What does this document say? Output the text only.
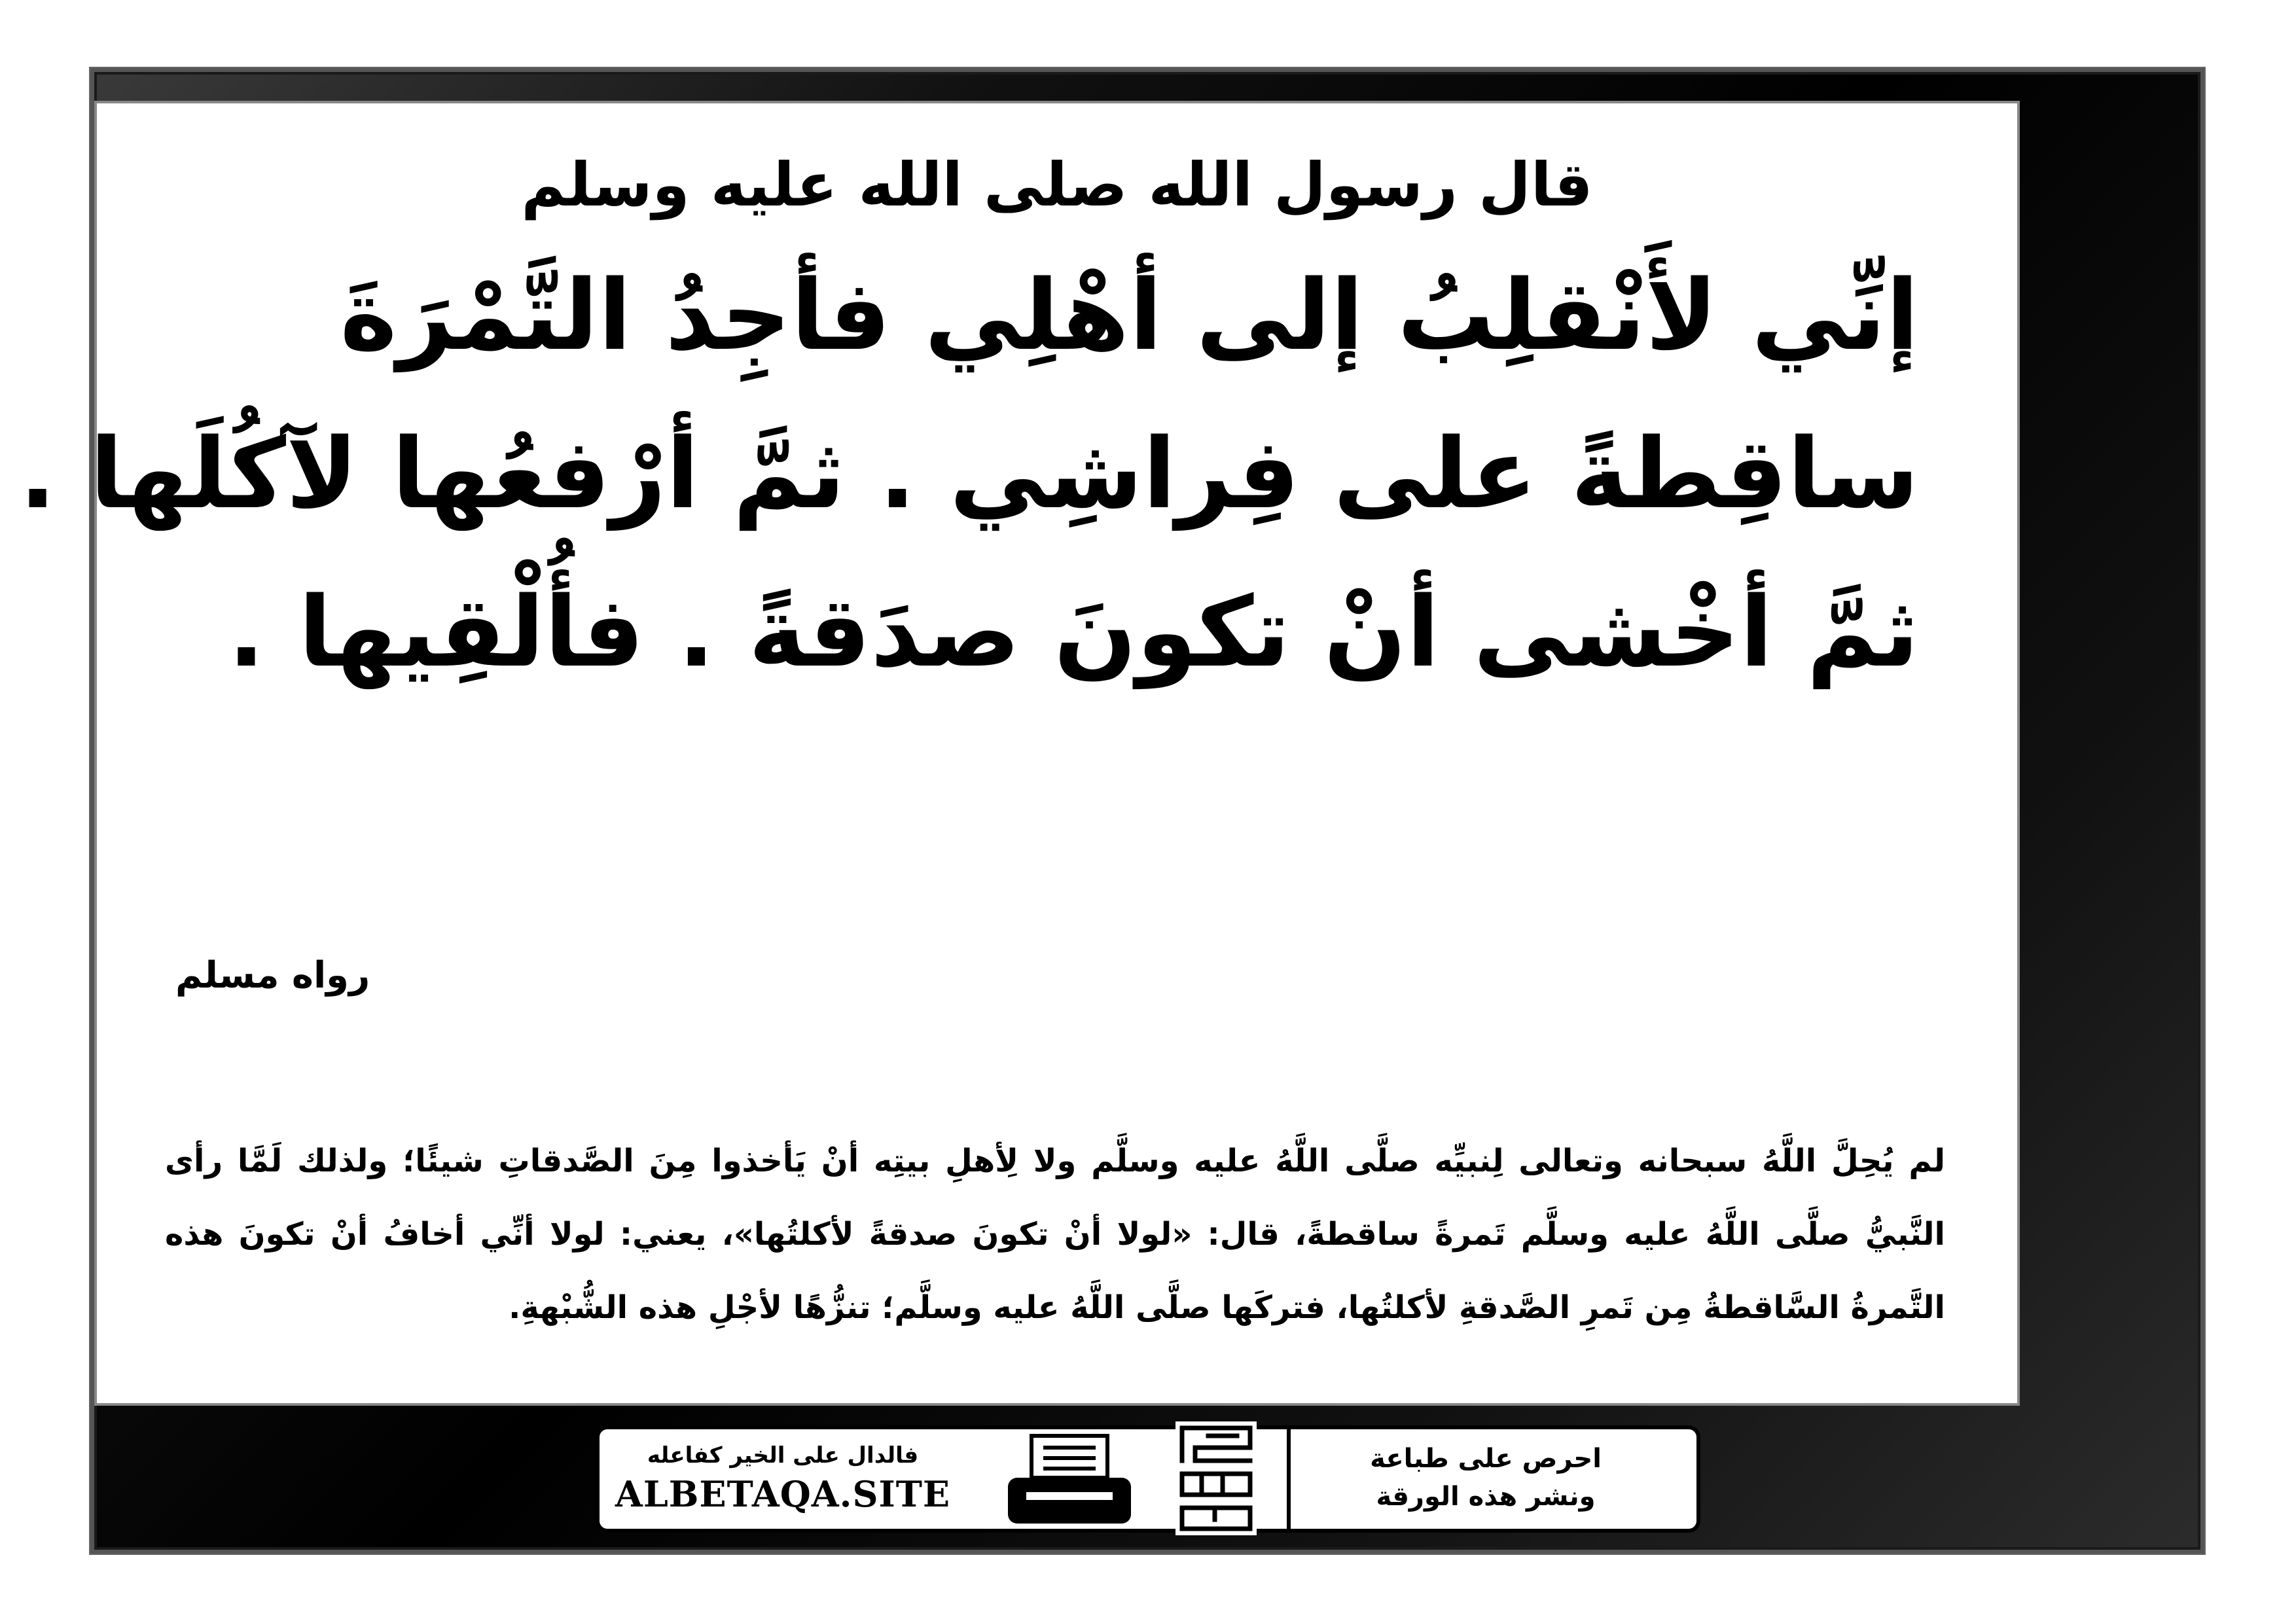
قال رسول الله صلى الله عليه وسلم
إنِّي لأَنْقلِبُ إلى أهْلِي فأجِدُ التَّمْرَةَ
ساقِطةً على فِراشِي . ثمَّ أرْفعُها لآكُلَها .
ثمَّ أخْشى أنْ تكونَ صدَقةً . فأُلْقِيها .
رواه مسلم
لم يُحِلَّ اللَّهُ سبحانه وتعالى لِنبيِّه صلَّى اللَّهُ عليه وسلَّم ولا لِأهلِ بيتِه أنْ يَأخذوا مِنَ الصَّدقاتِ شيئًا؛ ولذلك لَمَّا رأى النَّبيُّ صلَّى اللَّهُ عليه وسلَّم تَمرةً ساقطةً، قال: «لولا أنْ تكونَ صدقةً لأكلتُها»، يعني: لولا أنِّي أخافُ أنْ تكونَ هذه التَّمرةُ السَّاقطةُ مِن تَمرِ الصَّدقةِ لأكلتُها، فتركَها صلَّى اللَّهُ عليه وسلَّم؛ تنزُّهًا لأجْلِ هذه الشُّبْهةِ.
فالدال على الخير كفاعله
ALBETAQA.SITE
احرص على طباعة
ونشر هذه الورقة
